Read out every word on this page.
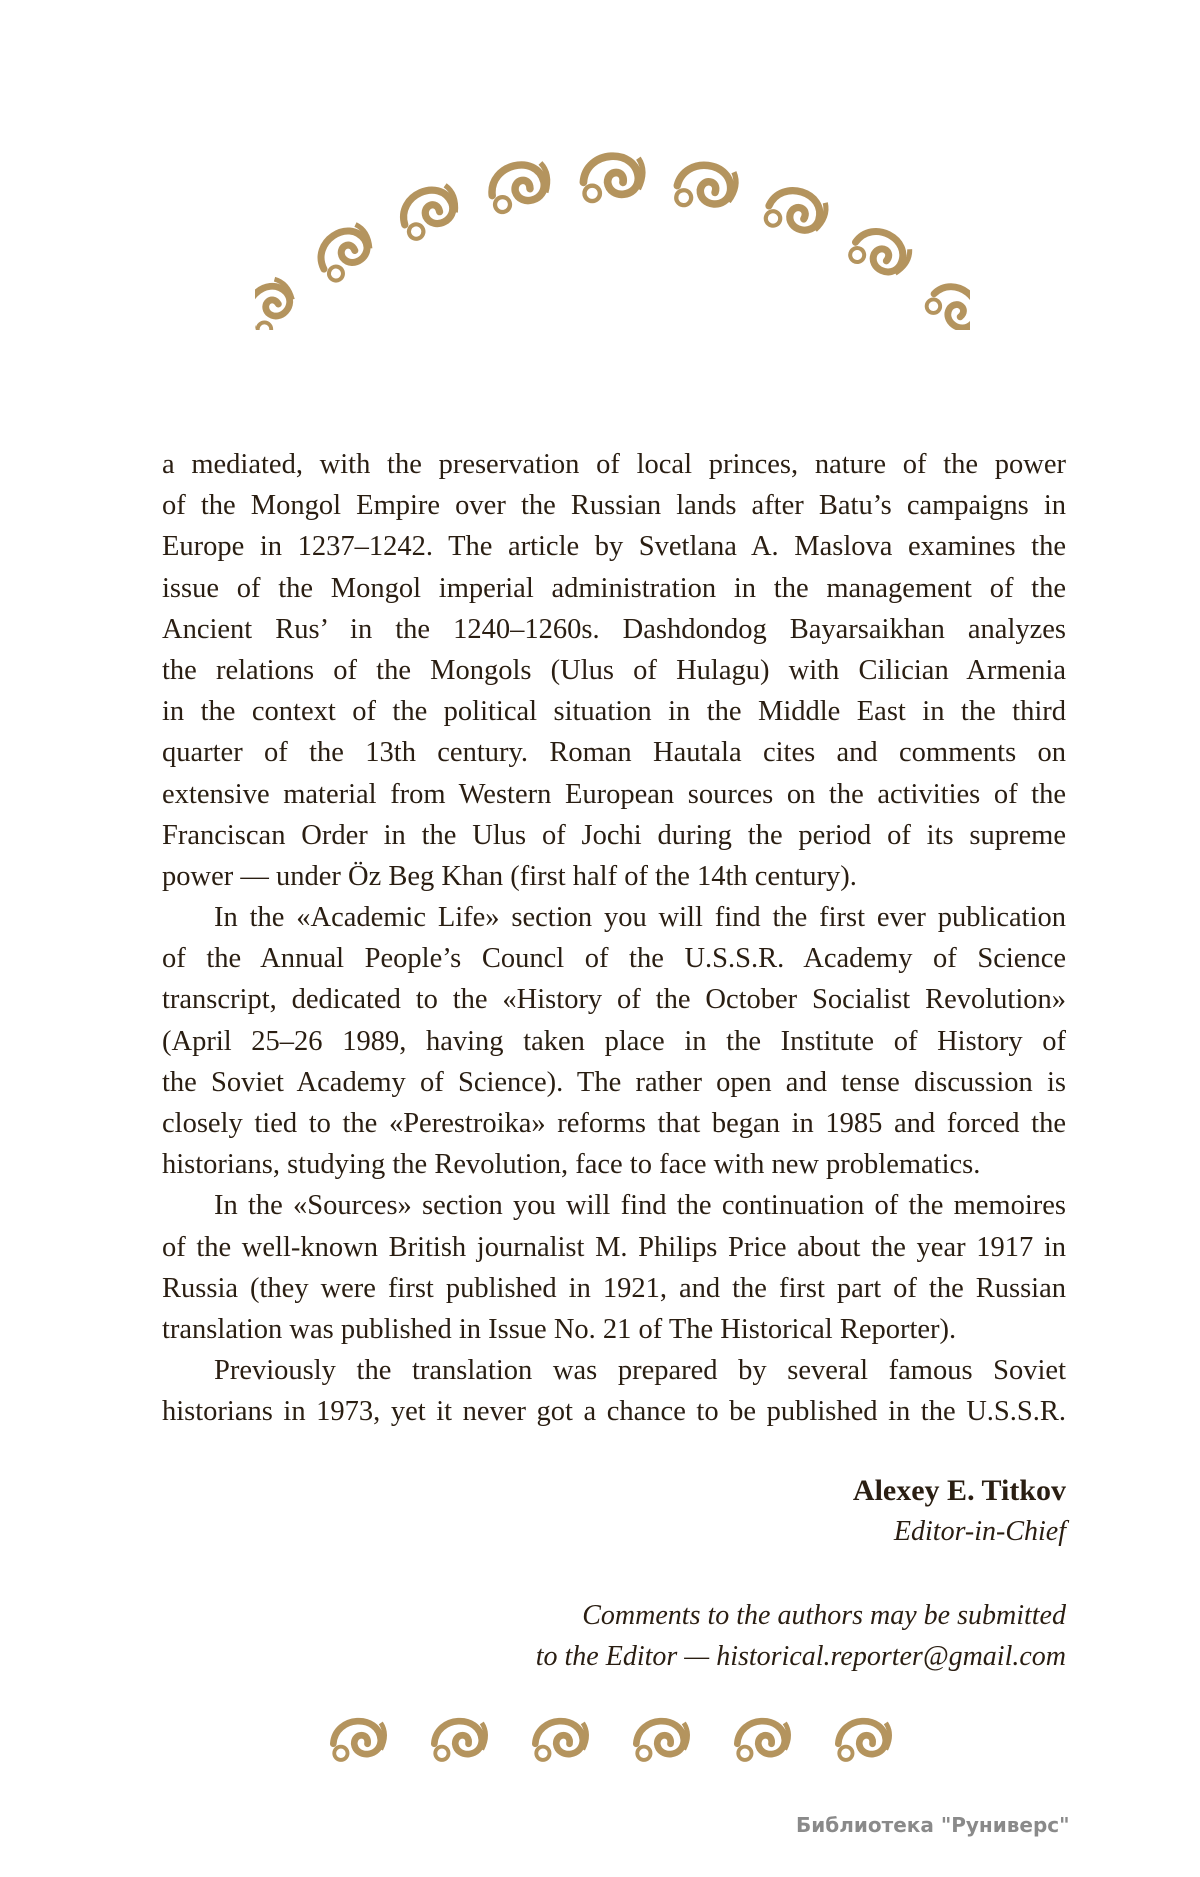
a mediated, with the preservation of local princes, nature of the power
of the Mongol Empire over the Russian lands after Batu’s campaigns in
Europe in 1237–1242. The article by Svetlana A. Maslova examines the
issue of the Mongol imperial administration in the management of the
Ancient Rus’ in the 1240–1260s. Dashdondog Bayarsaikhan analyzes
the relations of the Mongols (Ulus of Hulagu) with Cilician Armenia
in the context of the political situation in the Middle East in the third
quarter of the 13th century. Roman Hautala cites and comments on
extensive material from Western European sources on the activities of the
Franciscan Order in the Ulus of Jochi during the period of its supreme
power — under Öz Beg Khan (first half of the 14th century).
In the «Academic Life» section you will find the first ever publication
of the Annual People’s Councl of the U.S.S.R. Academy of Science
transcript, dedicated to the «History of the October Socialist Revolution»
(April 25–26 1989, having taken place in the Institute of History of
the Soviet Academy of Science). The rather open and tense discussion is
closely tied to the «Perestroika» reforms that began in 1985 and forced the
historians, studying the Revolution, face to face with new problematics.
In the «Sources» section you will find the continuation of the memoires
of the well-known British journalist M. Philips Price about the year 1917 in
Russia (they were first published in 1921, and the first part of the Russian
translation was published in Issue No. 21 of The Historical Reporter).
Previously the translation was prepared by several famous Soviet
historians in 1973, yet it never got a chance to be published in the U.S.S.R.
Alexey E. Titkov
Editor-in-Chief
Comments to the authors may be submitted
to the Editor — historical.reporter@gmail.com
Библиотека "Руниверс"
